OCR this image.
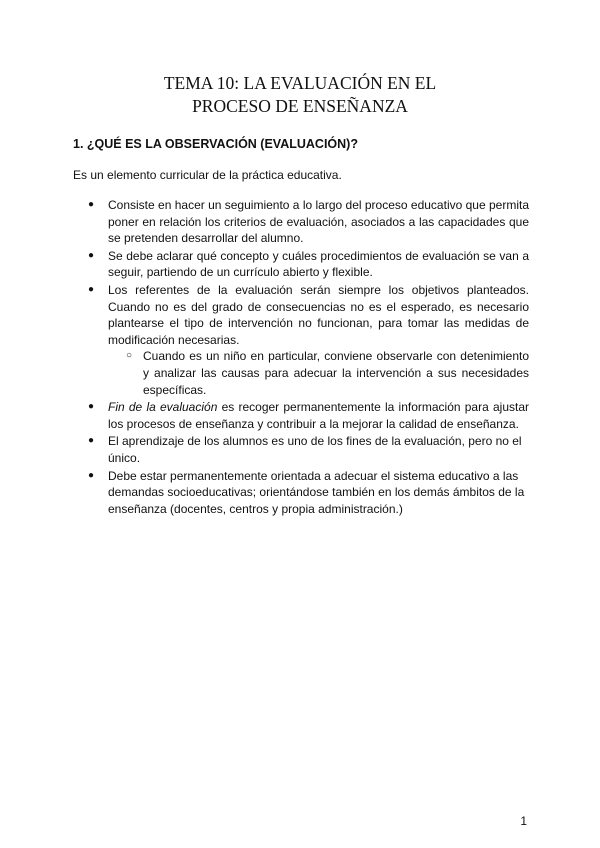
TEMA 10: LA EVALUACIÓN EN EL
PROCESO DE ENSEÑANZA
1. ¿QUÉ ES LA OBSERVACIÓN (EVALUACIÓN)?
Es un elemento curricular de la práctica educativa.
● Consiste en hacer un seguimiento a lo largo del proceso educativo que permita poner en relación los criterios de evaluación, asociados a las capacidades que se pretenden desarrollar del alumno.
● Se debe aclarar qué concepto y cuáles procedimientos de evaluación se van a seguir, partiendo de un currículo abierto y flexible.
● Los referentes de la evaluación serán siempre los objetivos planteados. Cuando no es del grado de consecuencias no es el esperado, es necesario plantearse el tipo de intervención no funcionan, para tomar las medidas de modificación necesarias.
○ Cuando es un niño en particular, conviene observarle con detenimiento y analizar las causas para adecuar la intervención a sus necesidades específicas.
● Fin de la evaluación es recoger permanentemente la información para ajustar los procesos de enseñanza y contribuir a la mejorar la calidad de enseñanza.
● El aprendizaje de los alumnos es uno de los fines de la evaluación, pero no el único.
● Debe estar permanentemente orientada a adecuar el sistema educativo a las demandas socioeducativas; orientándose también en los demás ámbitos de la enseñanza (docentes, centros y propia administración.)
1
